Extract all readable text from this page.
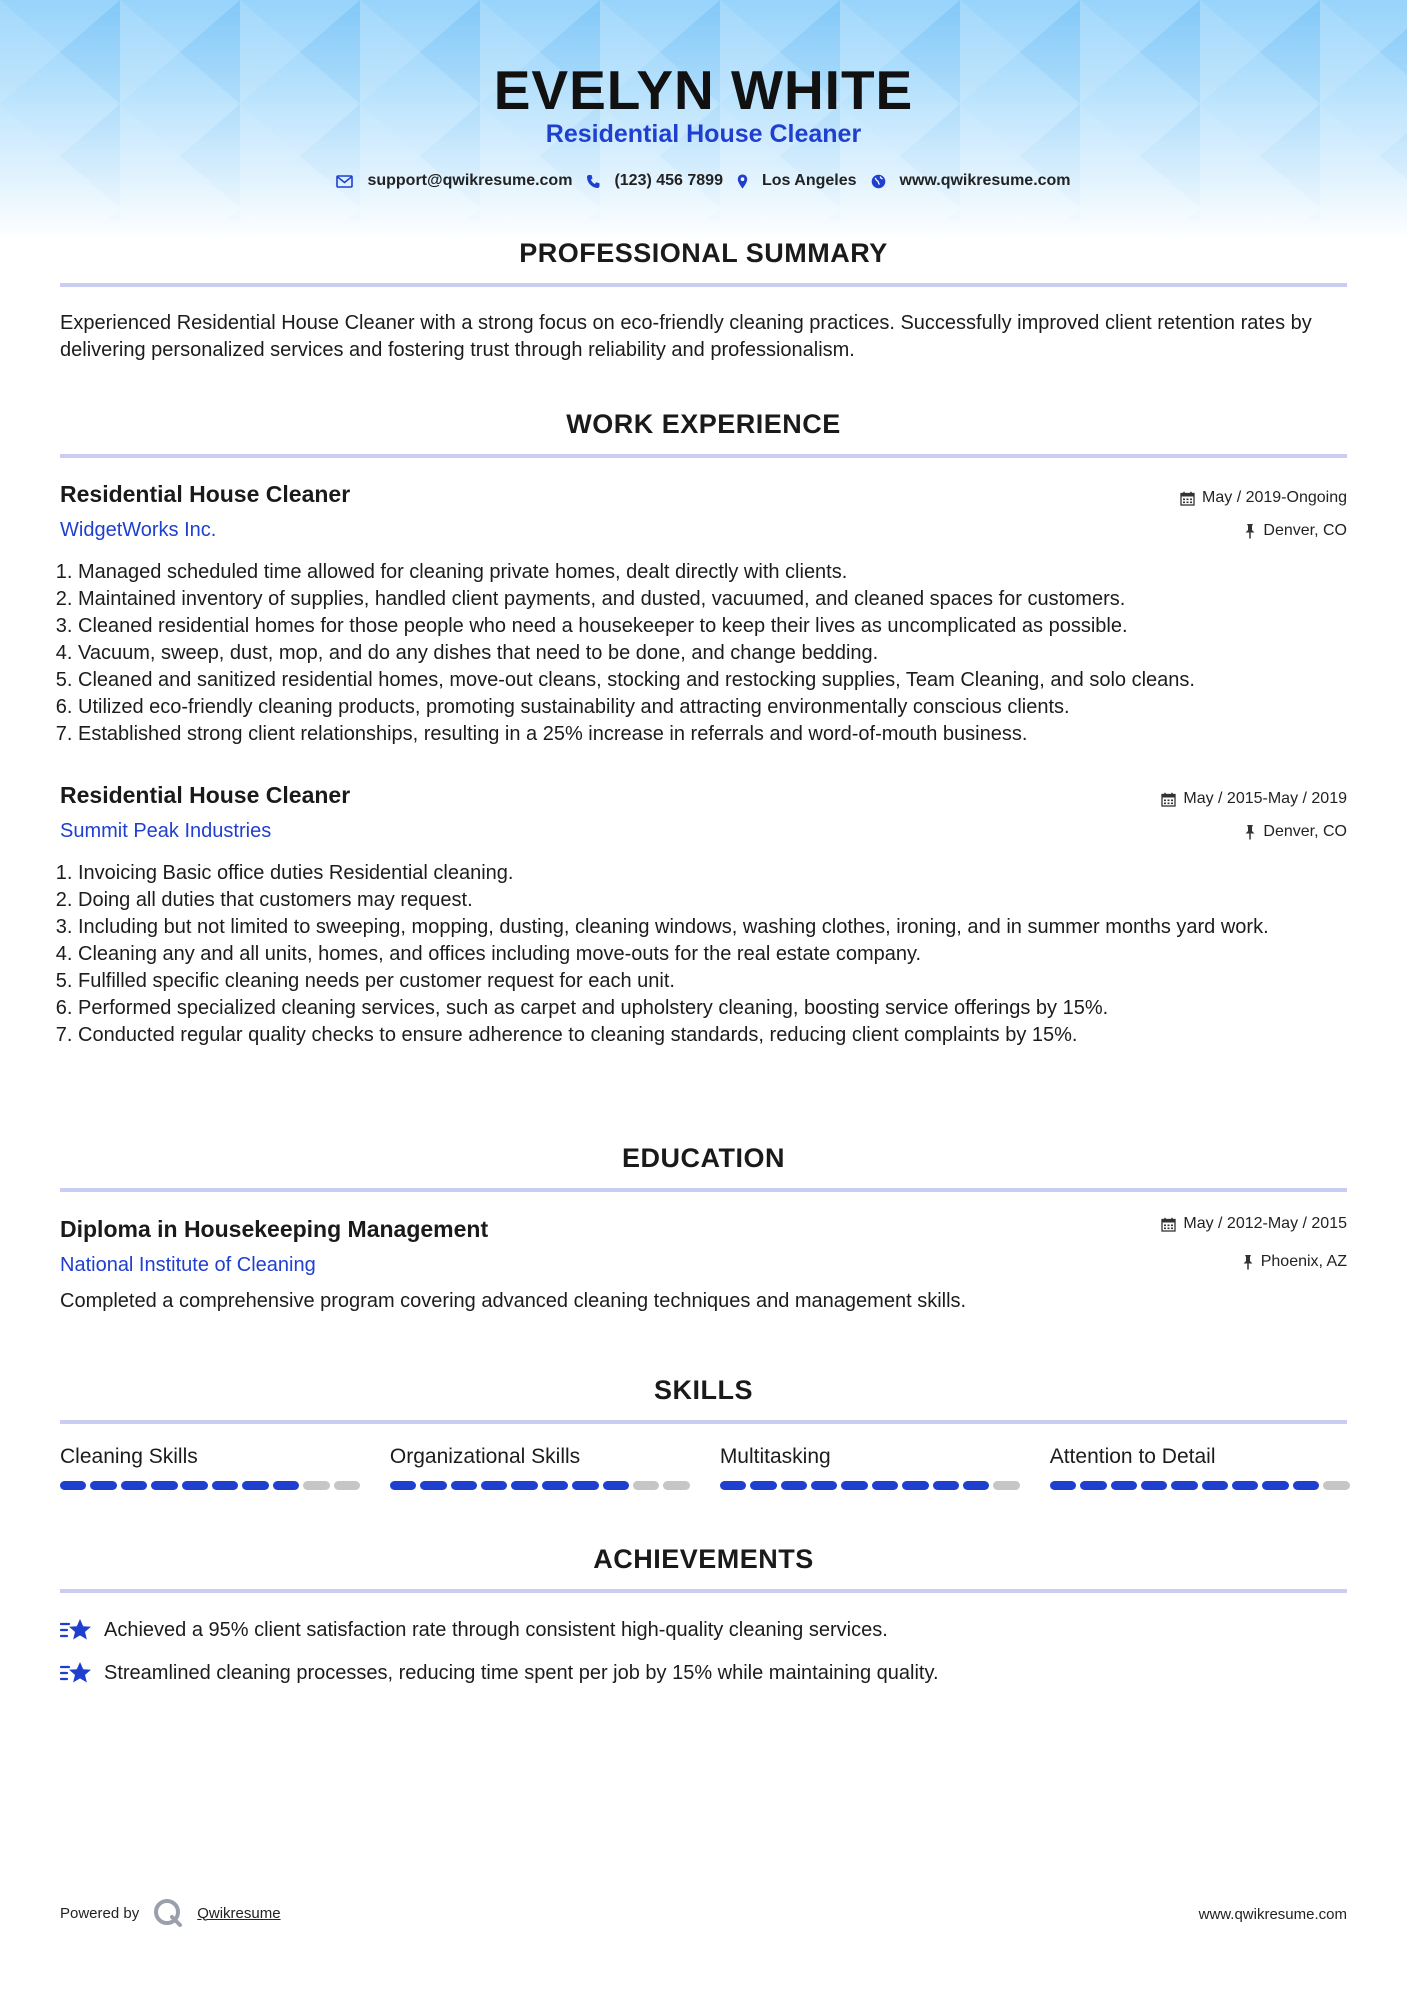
EVELYN WHITE
Residential House Cleaner
support@qwikresume.com	(123) 456 7899 Los Angeles	www.qwikresume.com
PROFESSIONAL SUMMARY
Experienced Residential House Cleaner with a strong focus on eco-friendly cleaning practices. Successfully improved client retention rates by delivering personalized services and fostering trust through reliability and professionalism.
WORK EXPERIENCE
Residential House Cleaner
WidgetWorks Inc.
May / 2019-Ongoing
Denver, CO
1. Managed scheduled time allowed for cleaning private homes, dealt directly with clients.
2. Maintained inventory of supplies, handled client payments, and dusted, vacuumed, and cleaned spaces for customers.
3. Cleaned residential homes for those people who need a housekeeper to keep their lives as uncomplicated as possible.
4. Vacuum, sweep, dust, mop, and do any dishes that need to be done, and change bedding.
5. Cleaned and sanitized residential homes, move-out cleans, stocking and restocking supplies, Team Cleaning, and solo cleans.
6. Utilized eco-friendly cleaning products, promoting sustainability and attracting environmentally conscious clients.
7. Established strong client relationships, resulting in a 25% increase in referrals and word-of-mouth business.
Residential House Cleaner
Summit Peak Industries
May / 2015-May / 2019
Denver, CO
1. Invoicing Basic office duties Residential cleaning.
2. Doing all duties that customers may request.
3. Including but not limited to sweeping, mopping, dusting, cleaning windows, washing clothes, ironing, and in summer months yard work.
4. Cleaning any and all units, homes, and offices including move-outs for the real estate company.
5. Fulfilled specific cleaning needs per customer request for each unit.
6. Performed specialized cleaning services, such as carpet and upholstery cleaning, boosting service offerings by 15%.
7. Conducted regular quality checks to ensure adherence to cleaning standards, reducing client complaints by 15%.
EDUCATION
Diploma in Housekeeping Management
National Institute of Cleaning
May / 2012-May / 2015
Phoenix, AZ
Completed a comprehensive program covering advanced cleaning techniques and management skills.
SKILLS
Cleaning Skills	Organizational Skills	Multitasking	Attention to Detail
ACHIEVEMENTS
Achieved a 95% client satisfaction rate through consistent high-quality cleaning services.
Streamlined cleaning processes, reducing time spent per job by 15% while maintaining quality.
Powered by	Qwikresume	www.qwikresume.com
